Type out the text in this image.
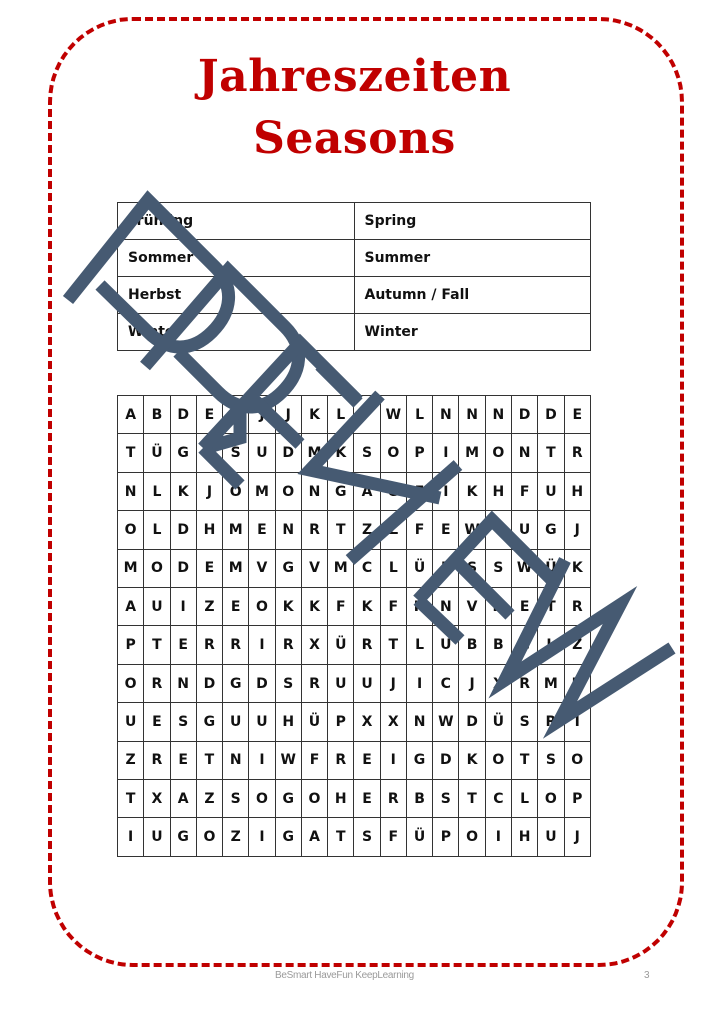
Jahreszeiten
Seasons
Frühling	Spring
Sommer	Summer
Herbst	Autumn / Fall
Winter	Winter
A	B	D	E	H	J	J	K	L	F	W	L	N	N	N	D	D	E
T	Ü	G	Z	S	U	D	M	K	S	O	P	I	M	O	N	T	R
N	L	K	J	O	M	O	N	G	A	G	F	I	K	H	F	U	H
O	L	D	H	M	E	N	R	T	Z	Z	F	E	W	T	U	G	J
M	O	D	E	M	V	G	V	M	C	L	Ü	F	S	S	W	Ü	K
A	U	I	Z	E	O	K	K	F	K	F	H	N	V	H	E	T	R
P	T	E	R	R	I	R	X	Ü	R	T	L	U	B	B	C	L	Z
O	R	N	D	G	D	S	R	U	U	J	I	C	J	X	R	M	U
U	E	S	G	U	U	H	Ü	P	X	X	N	W	D	Ü	S	R	I
Z	R	E	T	N	I	W	F	R	E	I	G	D	K	O	T	S	O
T	X	A	Z	S	O	G	O	H	E	R	B	S	T	C	L	O	P
I	U	G	O	Z	I	G	A	T	S	F	Ü	P	O	I	H	U	J
BeSmart HaveFun KeepLearning	3
